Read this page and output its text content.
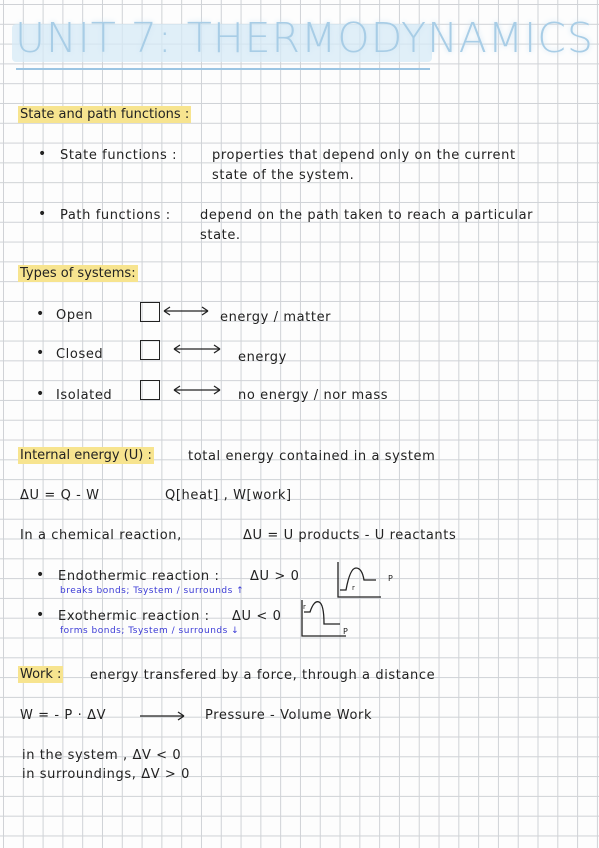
UNIT 7: THERMODYNAMICS
State and path functions :
• State functions :	properties that depend only on the current
state of the system.
• Path functions : depend on the path taken to reach a particular
state.
Types of systems:
• Open	energy / matter
• Closed	energy
• Isolated	no energy / nor mass
Internal energy (U) :	total energy contained in a system
ΔU = Q - W	Q[heat] , W[work]
In a chemical reaction,	ΔU = U products - U reactants
• Endothermic reaction : ΔU > 0
breaks bonds; Tsystem / surrounds ↑	r
P
• Exothermic reaction : ΔU < 0
forms bonds; Tsystem / surrounds ↓
r
P
Work : energy transfered by a force, through a distance
W = - P · ΔV	Pressure - Volume Work
in the system , ΔV < 0
in surroundings, ΔV > 0
